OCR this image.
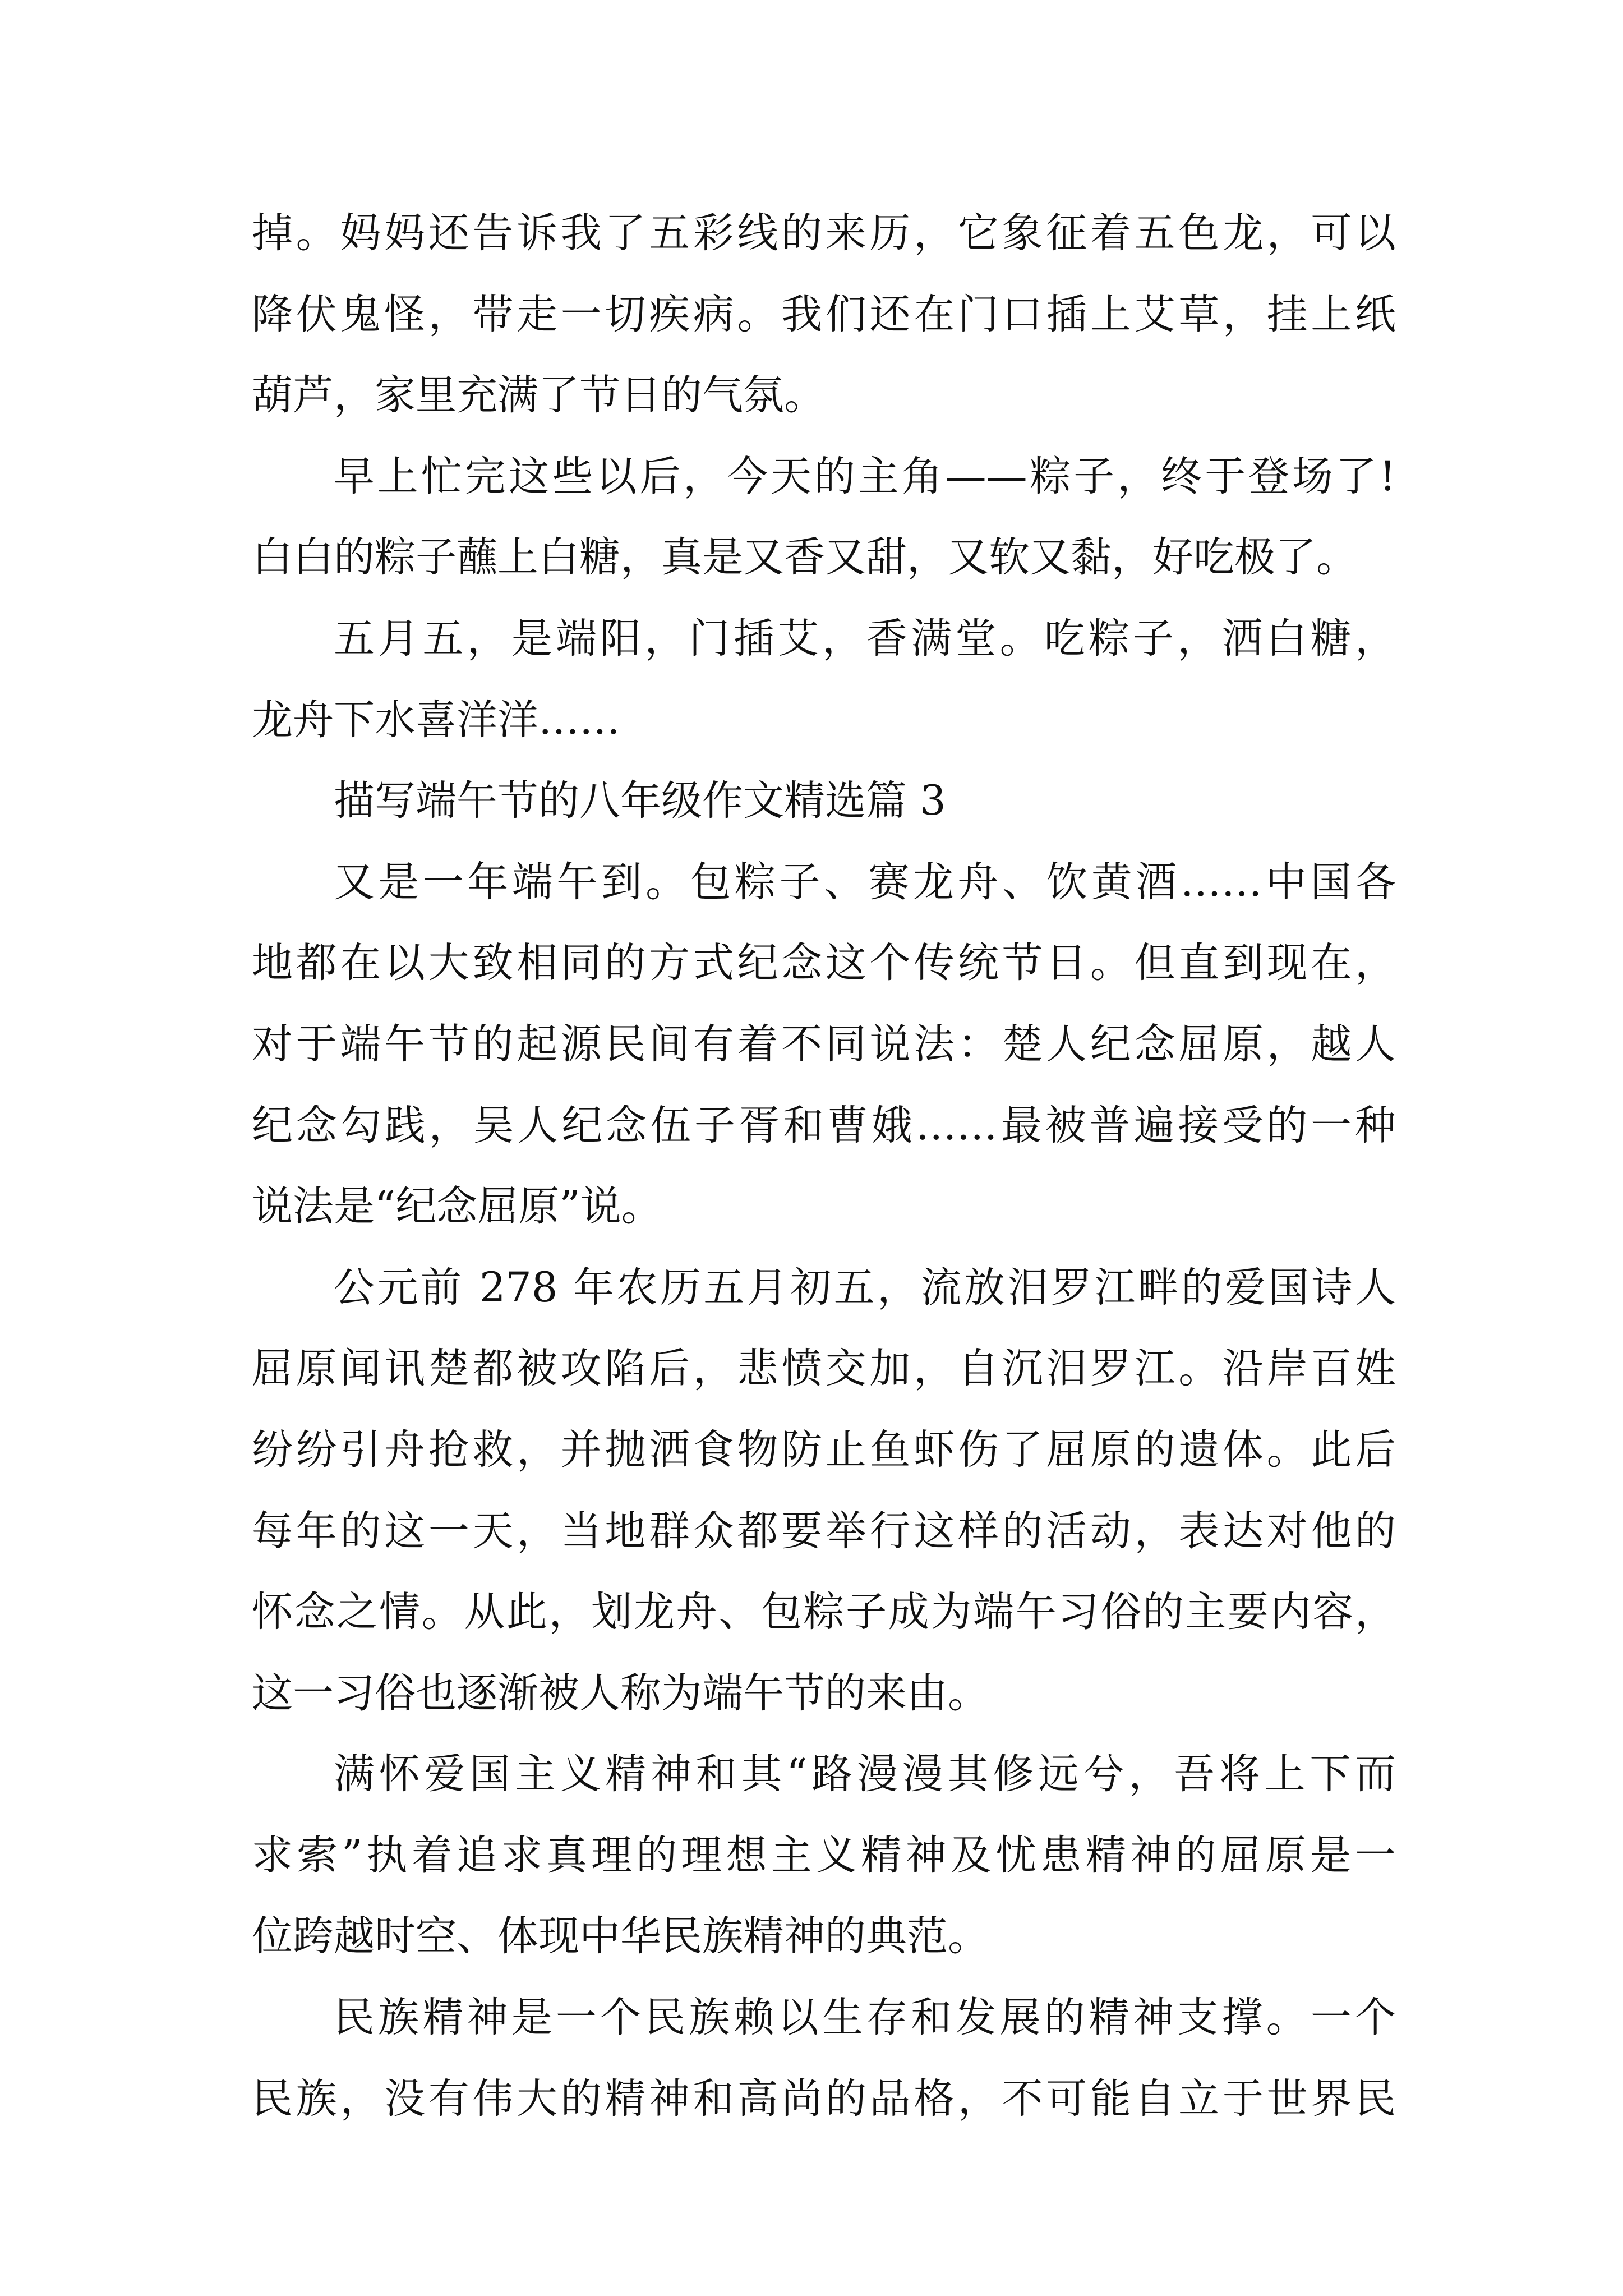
掉。妈妈还告诉我了五彩线的来历，它象征着五色龙，可以
降伏鬼怪，带走一切疾病。我们还在门口插上艾草，挂上纸
葫芦，家里充满了节日的气氛。
早上忙完这些以后，今天的主角——粽子，终于登场了!
白白的粽子蘸上白糖，真是又香又甜，又软又黏，好吃极了。
五月五，是端阳，门插艾，香满堂。吃粽子，洒白糖，
龙舟下水喜洋洋……
描写端午节的八年级作文精选篇 3
又是一年端午到。包粽子、赛龙舟、饮黄酒……中国各
地都在以大致相同的方式纪念这个传统节日。但直到现在，
对于端午节的起源民间有着不同说法：楚人纪念屈原，越人
纪念勾践，吴人纪念伍子胥和曹娥……最被普遍接受的一种
说法是“纪念屈原”说。
公元前 278 年农历五月初五，流放汨罗江畔的爱国诗人
屈原闻讯楚都被攻陷后，悲愤交加，自沉汨罗江。沿岸百姓
纷纷引舟抢救，并抛洒食物防止鱼虾伤了屈原的遗体。此后
每年的这一天，当地群众都要举行这样的活动，表达对他的
怀念之情。从此，划龙舟、包粽子成为端午习俗的主要内容，
这一习俗也逐渐被人称为端午节的来由。
满怀爱国主义精神和其“路漫漫其修远兮，吾将上下而
求索”执着追求真理的理想主义精神及忧患精神的屈原是一
位跨越时空、体现中华民族精神的典范。
民族精神是一个民族赖以生存和发展的精神支撑。一个
民族，没有伟大的精神和高尚的品格，不可能自立于世界民
